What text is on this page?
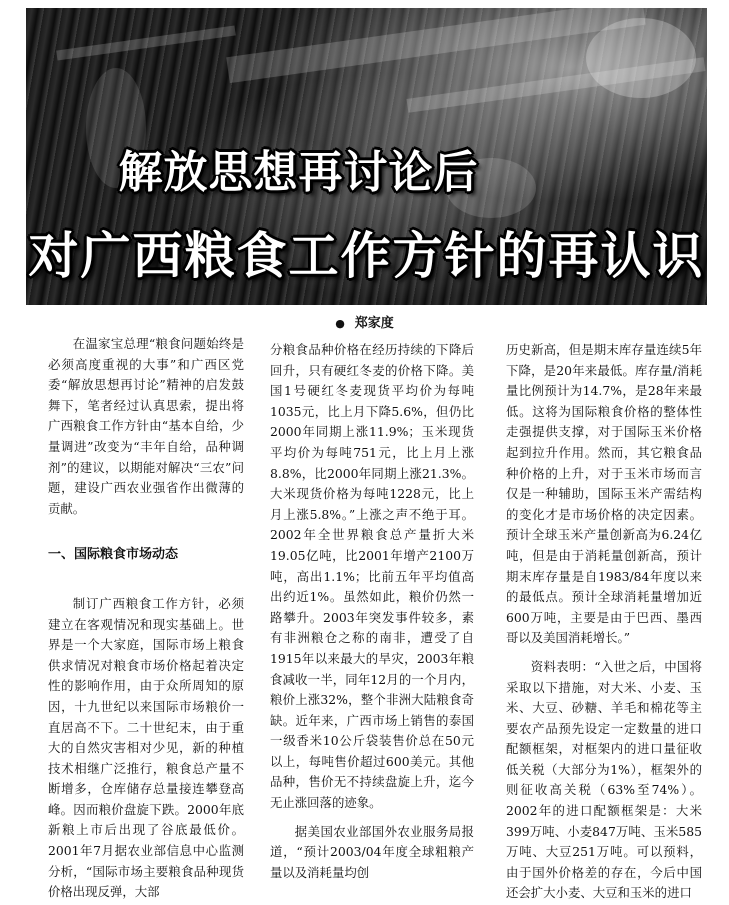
解放思想再讨论后
对广西粮食工作方针的再认识
● 郑家度

在温家宝总理“粮食问题始终是必须高度重视的大事”和广西区党委“解放思想再讨论”精神的启发鼓舞下，笔者经过认真思索，提出将广西粮食工作方针由“基本自给，少量调进”改变为“丰年自给，品种调剂”的建议，以期能对解决“三农”问题，建设广西农业强省作出微薄的贡献。

一、国际粮食市场动态

制订广西粮食工作方针，必须建立在客观情况和现实基础上。世界是一个大家庭，国际市场上粮食供求情况对粮食市场价格起着决定性的影响作用，由于众所周知的原因，十九世纪以来国际市场粮价一直居高不下。二十世纪末，由于重大的自然灾害相对少见，新的种植技术相继广泛推行，粮食总产量不断增多，仓库储存总量接连攀登高峰。因而粮价盘旋下跌。2000年底新粮上市后出现了谷底最低价。2001年7月据农业部信息中心监测分析，“国际市场主要粮食品种现货价格出现反弹，大部

分粮食品种价格在经历持续的下降后回升，只有硬红冬麦的价格下降。美国1号硬红冬麦现货平均价为每吨1035元，比上月下降5.6%，但仍比2000年同期上涨11.9%；玉米现货平均价为每吨751元，比上月上涨8.8%，比2000年同期上涨21.3%。大米现货价格为每吨1228元，比上月上涨5.8%。”上涨之声不绝于耳。2002年全世界粮食总产量折大米19.05亿吨，比2001年增产2100万吨，高出1.1%；比前五年平均值高出约近1%。虽然如此，粮价仍然一路攀升。2003年突发事件较多，素有非洲粮仓之称的南非，遭受了自1915年以来最大的旱灾，2003年粮食减收一半，同年12月的一个月内，粮价上涨32%，整个非洲大陆粮食奇缺。近年来，广西市场上销售的泰国一级香米10公斤袋装售价总在50元以上，每吨售价超过600美元。其他品种，售价无不持续盘旋上升，迄今无止涨回落的迹象。

据美国农业部国外农业服务局报道，“预计2003/04年度全球粗粮产量以及消耗量均创

历史新高，但是期末库存量连续5年下降，是20年来最低。库存量/消耗量比例预计为14.7%，是28年来最低。这将为国际粮食价格的整体性走强提供支撑，对于国际玉米价格起到拉升作用。然而，其它粮食品种价格的上升，对于玉米市场而言仅是一种辅助，国际玉米产需结构的变化才是市场价格的决定因素。预计全球玉米产量创新高为6.24亿吨，但是由于消耗量创新高，预计期末库存量是自1983/84年度以来的最低点。预计全球消耗量增加近600万吨，主要是由于巴西、墨西哥以及美国消耗增长。”

资料表明：“入世之后，中国将采取以下措施，对大米、小麦、玉米、大豆、砂糖、羊毛和棉花等主要农产品预先设定一定数量的进口配额框架，对框架内的进口量征收低关税（大部分为1%），框架外的则征收高关税（63%至74%）。2002年的进口配额框架是：大米399万吨、小麦847万吨、玉米585万吨、大豆251万吨。可以预料，由于国外价格差的存在，今后中国还会扩大小麦、大豆和玉米的进口
